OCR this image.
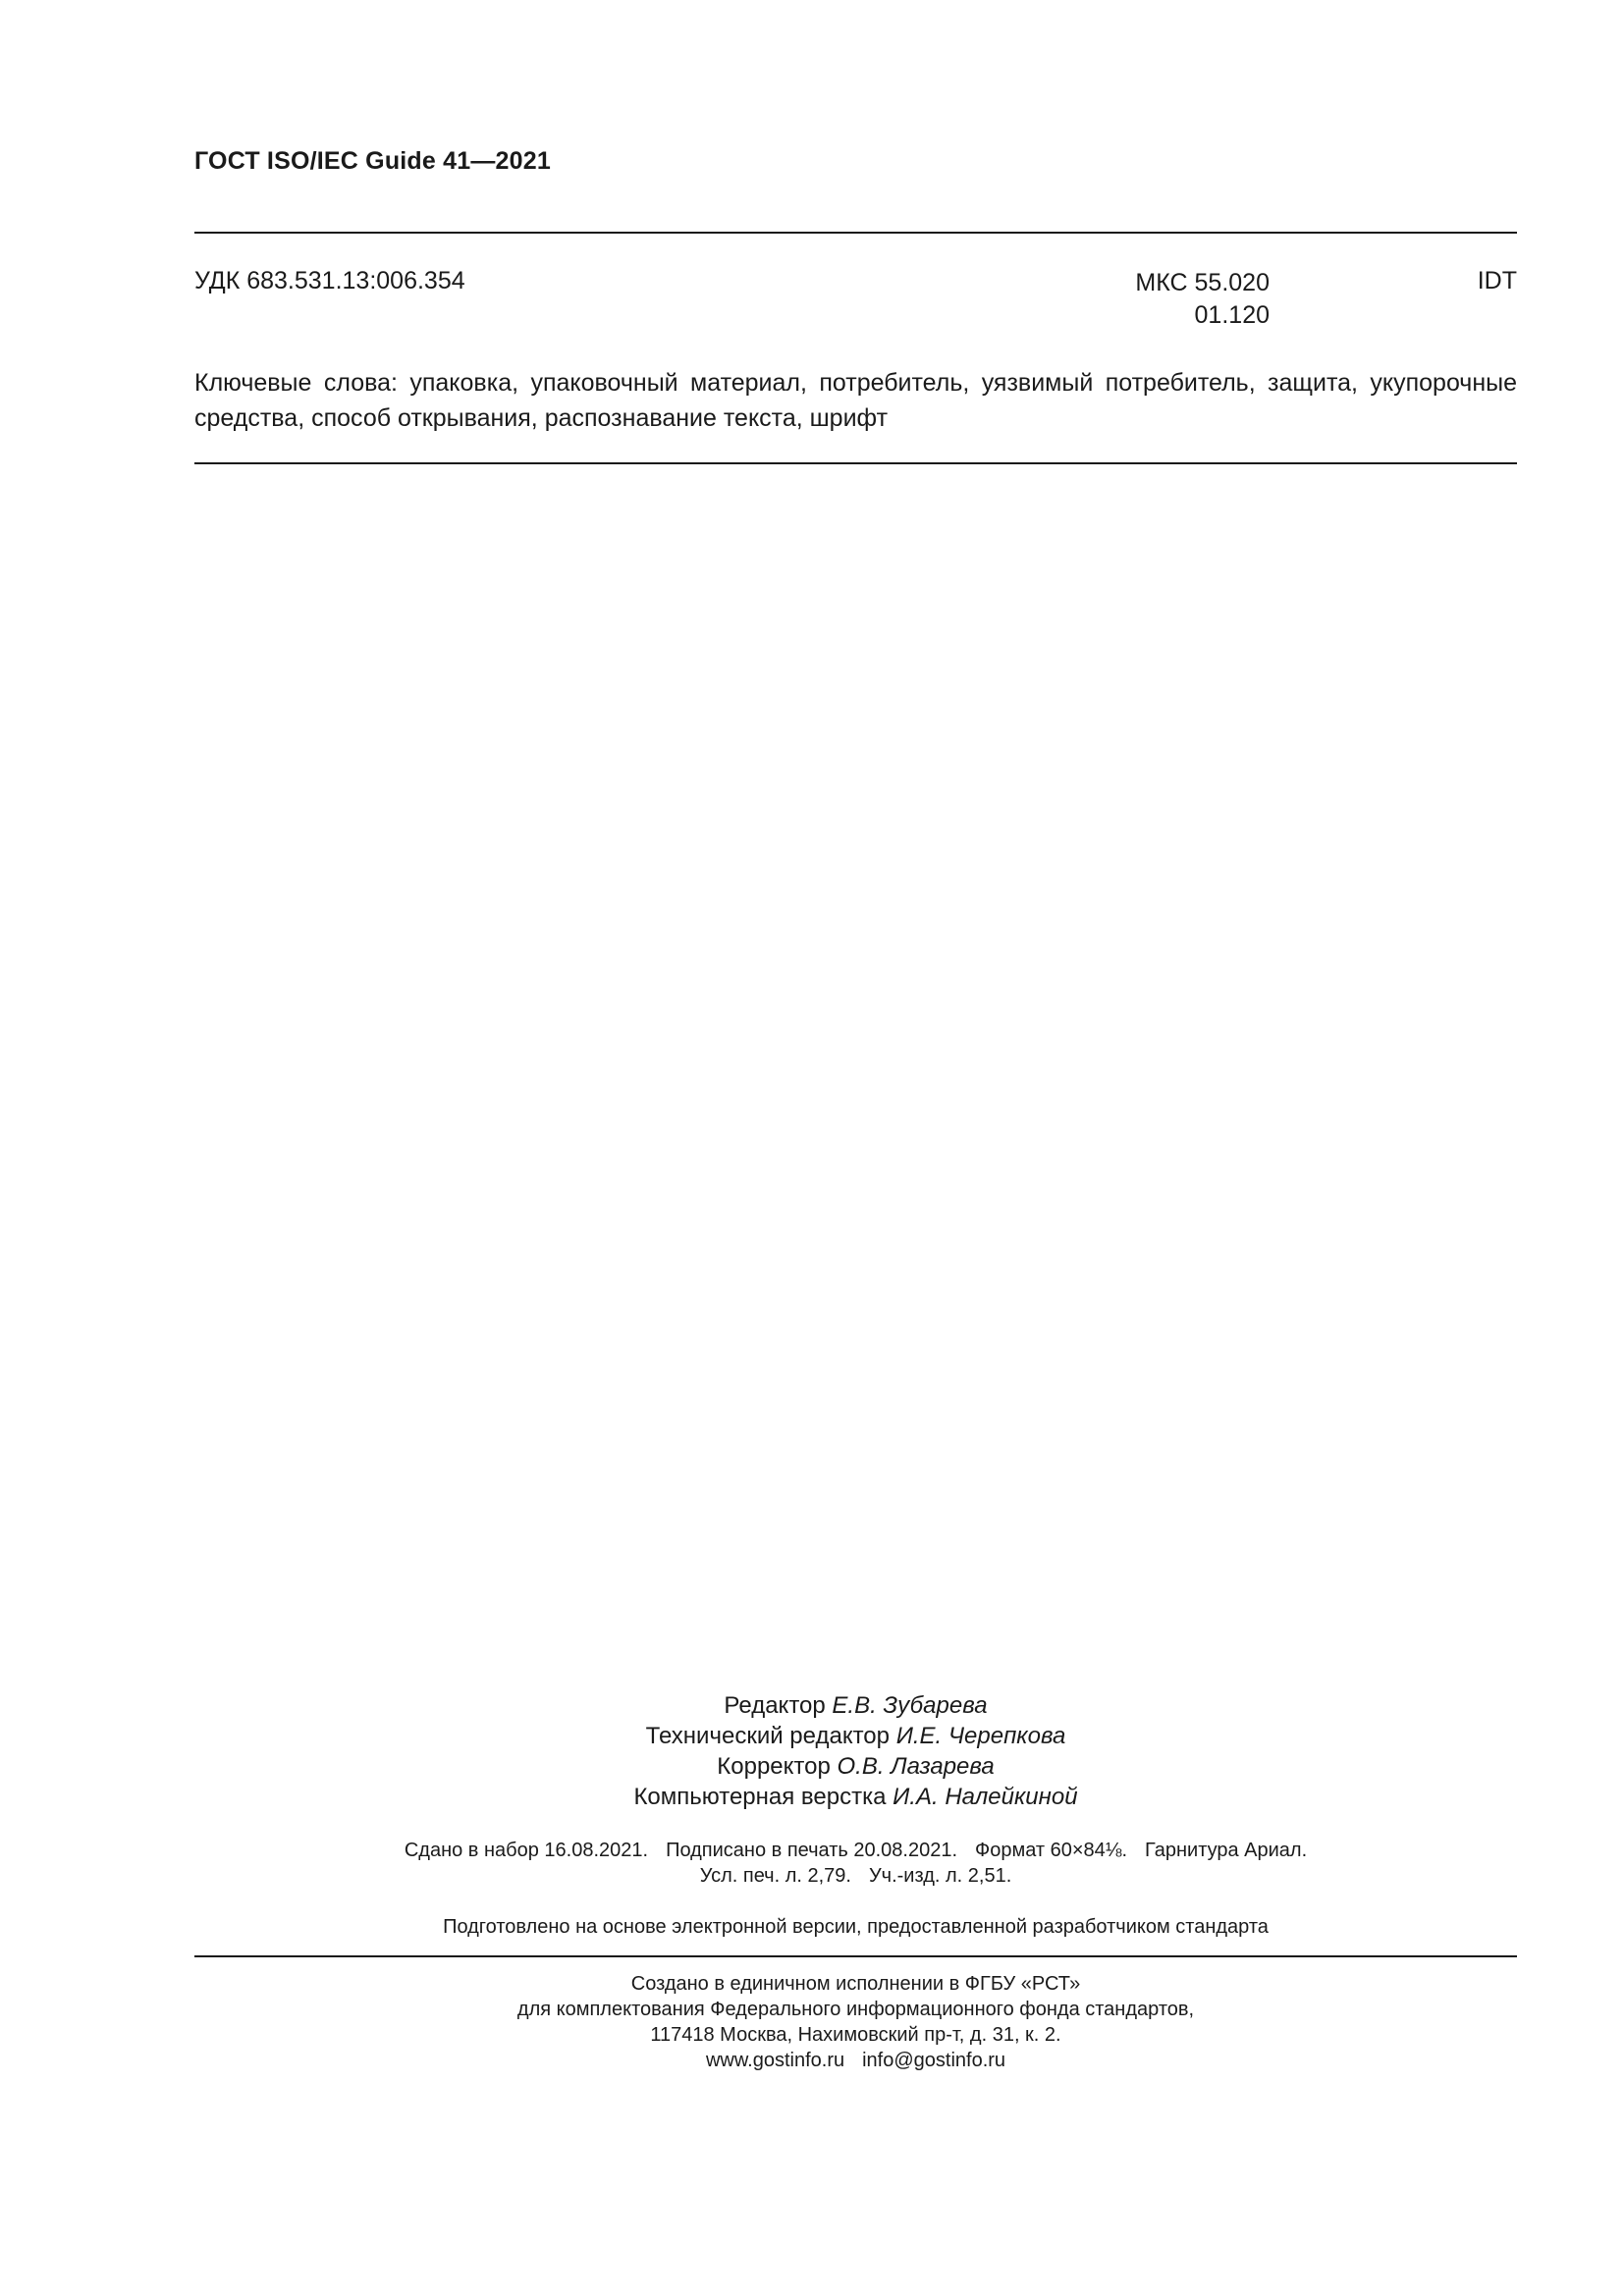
ГОСТ ISO/IEC Guide 41—2021
УДК 683.531.13:006.354	МКС 55.020
01.120
IDT
Ключевые слова: упаковка, упаковочный материал, потребитель, уязвимый потребитель, защита, укупорочные средства, способ открывания, распознавание текста, шрифт
Редактор Е.В. Зубарева
Технический редактор И.Е. Черепкова
Корректор О.В. Лазарева
Компьютерная верстка И.А. Налейкиной
Сдано в набор 16.08.2021. Подписано в печать 20.08.2021. Формат 60×84⅛. Гарнитура Ариал.
Усл. печ. л. 2,79. Уч.-изд. л. 2,51.
Подготовлено на основе электронной версии, предоставленной разработчиком стандарта
Создано в единичном исполнении в ФГБУ «РСТ»
для комплектования Федерального информационного фонда стандартов,
117418 Москва, Нахимовский пр-т, д. 31, к. 2.
www.gostinfo.ru info@gostinfo.ru
